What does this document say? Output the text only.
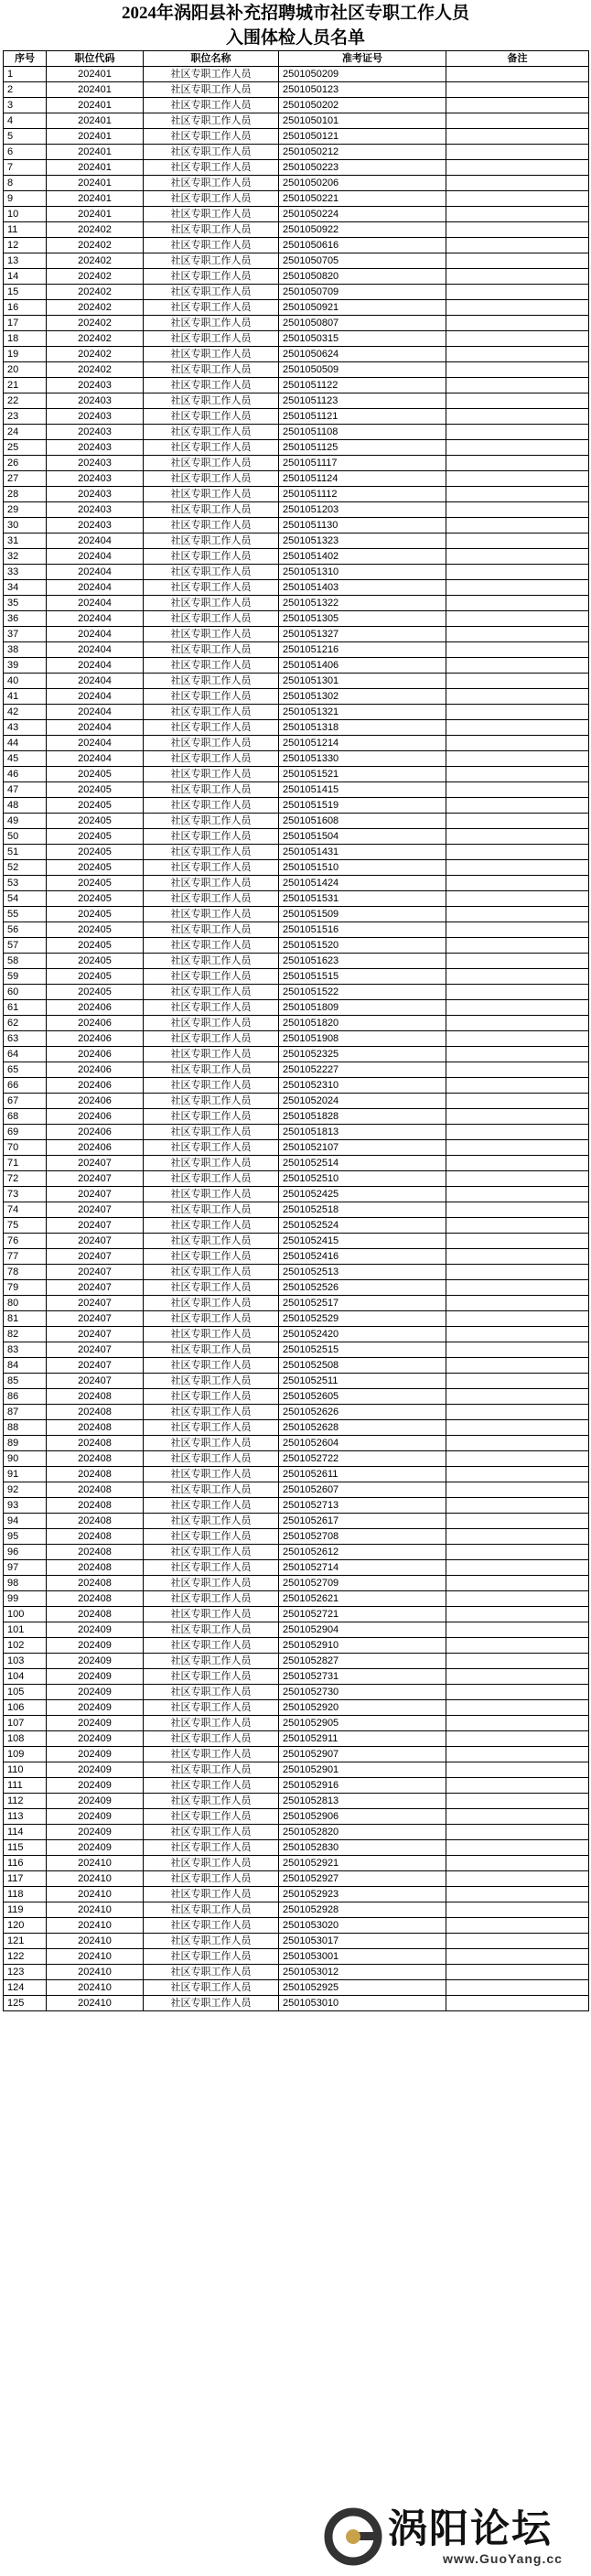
2024年涡阳县补充招聘城市社区专职工作人员
入围体检人员名单
序号	职位代码	职位名称	准考证号	备注
1	202401	社区专职工作人员	2501050209	
2	202401	社区专职工作人员	2501050123	
3	202401	社区专职工作人员	2501050202	
4	202401	社区专职工作人员	2501050101	
5	202401	社区专职工作人员	2501050121	
6	202401	社区专职工作人员	2501050212	
7	202401	社区专职工作人员	2501050223	
8	202401	社区专职工作人员	2501050206	
9	202401	社区专职工作人员	2501050221	
10	202401	社区专职工作人员	2501050224	
11	202402	社区专职工作人员	2501050922	
12	202402	社区专职工作人员	2501050616	
13	202402	社区专职工作人员	2501050705	
14	202402	社区专职工作人员	2501050820	
15	202402	社区专职工作人员	2501050709	
16	202402	社区专职工作人员	2501050921	
17	202402	社区专职工作人员	2501050807	
18	202402	社区专职工作人员	2501050315	
19	202402	社区专职工作人员	2501050624	
20	202402	社区专职工作人员	2501050509	
21	202403	社区专职工作人员	2501051122	
22	202403	社区专职工作人员	2501051123	
23	202403	社区专职工作人员	2501051121	
24	202403	社区专职工作人员	2501051108	
25	202403	社区专职工作人员	2501051125	
26	202403	社区专职工作人员	2501051117	
27	202403	社区专职工作人员	2501051124	
28	202403	社区专职工作人员	2501051112	
29	202403	社区专职工作人员	2501051203	
30	202403	社区专职工作人员	2501051130	
31	202404	社区专职工作人员	2501051323	
32	202404	社区专职工作人员	2501051402	
33	202404	社区专职工作人员	2501051310	
34	202404	社区专职工作人员	2501051403	
35	202404	社区专职工作人员	2501051322	
36	202404	社区专职工作人员	2501051305	
37	202404	社区专职工作人员	2501051327	
38	202404	社区专职工作人员	2501051216	
39	202404	社区专职工作人员	2501051406	
40	202404	社区专职工作人员	2501051301	
41	202404	社区专职工作人员	2501051302	
42	202404	社区专职工作人员	2501051321	
43	202404	社区专职工作人员	2501051318	
44	202404	社区专职工作人员	2501051214	
45	202404	社区专职工作人员	2501051330	
46	202405	社区专职工作人员	2501051521	
47	202405	社区专职工作人员	2501051415	
48	202405	社区专职工作人员	2501051519	
49	202405	社区专职工作人员	2501051608	
50	202405	社区专职工作人员	2501051504	
51	202405	社区专职工作人员	2501051431	
52	202405	社区专职工作人员	2501051510	
53	202405	社区专职工作人员	2501051424	
54	202405	社区专职工作人员	2501051531	
55	202405	社区专职工作人员	2501051509	
56	202405	社区专职工作人员	2501051516	
57	202405	社区专职工作人员	2501051520	
58	202405	社区专职工作人员	2501051623	
59	202405	社区专职工作人员	2501051515	
60	202405	社区专职工作人员	2501051522	
61	202406	社区专职工作人员	2501051809	
62	202406	社区专职工作人员	2501051820	
63	202406	社区专职工作人员	2501051908	
64	202406	社区专职工作人员	2501052325	
65	202406	社区专职工作人员	2501052227	
66	202406	社区专职工作人员	2501052310	
67	202406	社区专职工作人员	2501052024	
68	202406	社区专职工作人员	2501051828	
69	202406	社区专职工作人员	2501051813	
70	202406	社区专职工作人员	2501052107	
71	202407	社区专职工作人员	2501052514	
72	202407	社区专职工作人员	2501052510	
73	202407	社区专职工作人员	2501052425	
74	202407	社区专职工作人员	2501052518	
75	202407	社区专职工作人员	2501052524	
76	202407	社区专职工作人员	2501052415	
77	202407	社区专职工作人员	2501052416	
78	202407	社区专职工作人员	2501052513	
79	202407	社区专职工作人员	2501052526	
80	202407	社区专职工作人员	2501052517	
81	202407	社区专职工作人员	2501052529	
82	202407	社区专职工作人员	2501052420	
83	202407	社区专职工作人员	2501052515	
84	202407	社区专职工作人员	2501052508	
85	202407	社区专职工作人员	2501052511	
86	202408	社区专职工作人员	2501052605	
87	202408	社区专职工作人员	2501052626	
88	202408	社区专职工作人员	2501052628	
89	202408	社区专职工作人员	2501052604	
90	202408	社区专职工作人员	2501052722	
91	202408	社区专职工作人员	2501052611	
92	202408	社区专职工作人员	2501052607	
93	202408	社区专职工作人员	2501052713	
94	202408	社区专职工作人员	2501052617	
95	202408	社区专职工作人员	2501052708	
96	202408	社区专职工作人员	2501052612	
97	202408	社区专职工作人员	2501052714	
98	202408	社区专职工作人员	2501052709	
99	202408	社区专职工作人员	2501052621	
100	202408	社区专职工作人员	2501052721	
101	202409	社区专职工作人员	2501052904	
102	202409	社区专职工作人员	2501052910	
103	202409	社区专职工作人员	2501052827	
104	202409	社区专职工作人员	2501052731	
105	202409	社区专职工作人员	2501052730	
106	202409	社区专职工作人员	2501052920	
107	202409	社区专职工作人员	2501052905	
108	202409	社区专职工作人员	2501052911	
109	202409	社区专职工作人员	2501052907	
110	202409	社区专职工作人员	2501052901	
111	202409	社区专职工作人员	2501052916	
112	202409	社区专职工作人员	2501052813	
113	202409	社区专职工作人员	2501052906	
114	202409	社区专职工作人员	2501052820	
115	202409	社区专职工作人员	2501052830	
116	202410	社区专职工作人员	2501052921	
117	202410	社区专职工作人员	2501052927	
118	202410	社区专职工作人员	2501052923	
119	202410	社区专职工作人员	2501052928	
120	202410	社区专职工作人员	2501053020	
121	202410	社区专职工作人员	2501053017	
122	202410	社区专职工作人员	2501053001	
123	202410	社区专职工作人员	2501053012	
124	202410	社区专职工作人员	2501052925	
125	202410	社区专职工作人员	2501053010	
涡阳论坛
www.GuoYang.cc
